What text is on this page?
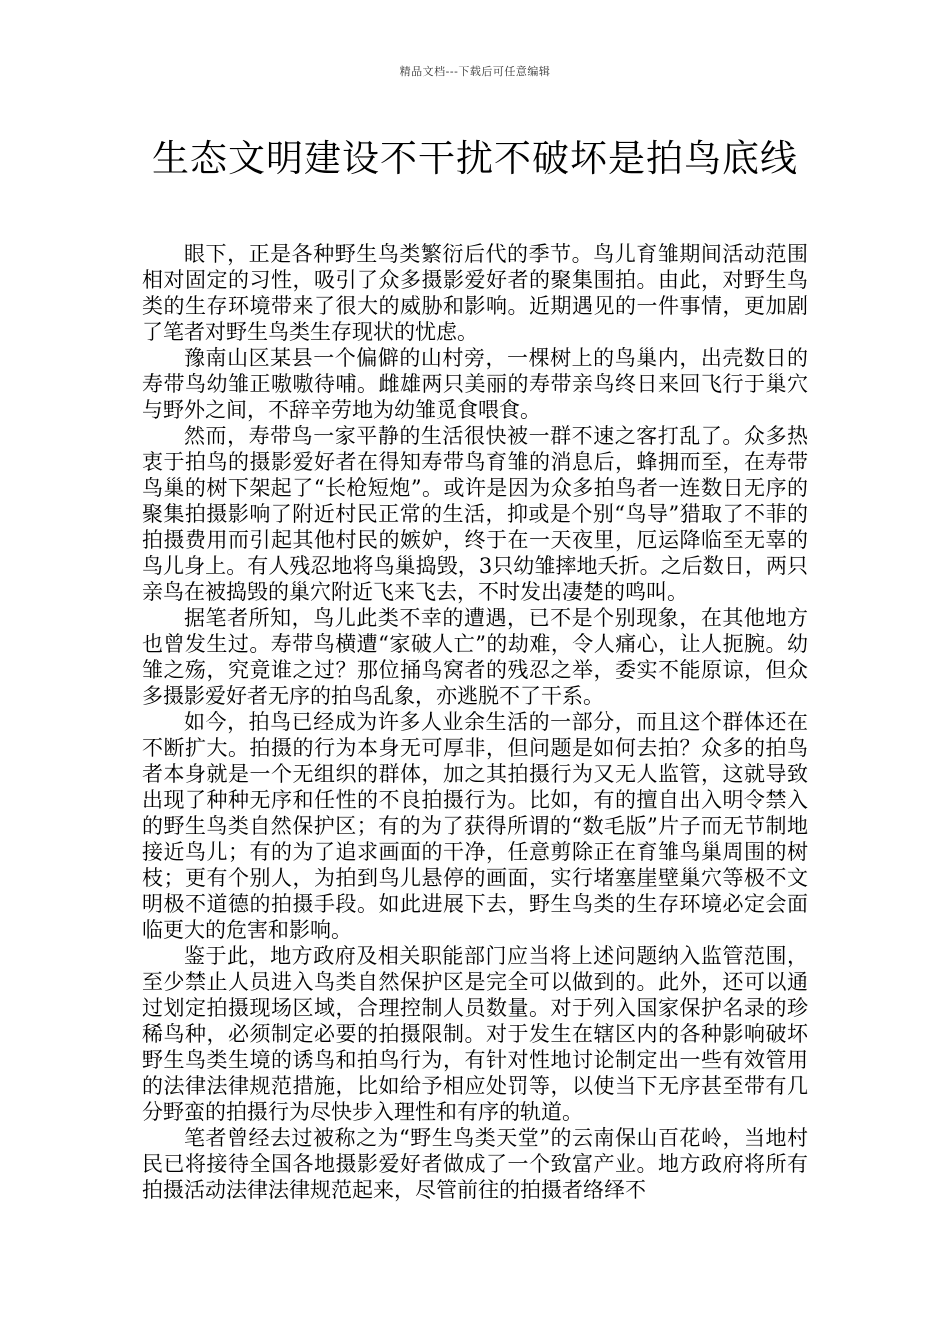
精品文档---下载后可任意编辑
生态文明建设不干扰不破坏是拍鸟底线

眼下，正是各种野生鸟类繁衍后代的季节。鸟儿育雏期间活动范围相对固定的习性，吸引了众多摄影爱好者的聚集围拍。由此，对野生鸟类的生存环境带来了很大的威胁和影响。近期遇见的一件事情，更加剧了笔者对野生鸟类生存现状的忧虑。

豫南山区某县一个偏僻的山村旁，一棵树上的鸟巢内，出壳数日的寿带鸟幼雏正嗷嗷待哺。雌雄两只美丽的寿带亲鸟终日来回飞行于巢穴与野外之间，不辞辛劳地为幼雏觅食喂食。

然而，寿带鸟一家平静的生活很快被一群不速之客打乱了。众多热衷于拍鸟的摄影爱好者在得知寿带鸟育雏的消息后，蜂拥而至，在寿带鸟巢的树下架起了“长枪短炮”。或许是因为众多拍鸟者一连数日无序的聚集拍摄影响了附近村民正常的生活，抑或是个别“鸟导”猎取了不菲的拍摄费用而引起其他村民的嫉妒，终于在一天夜里，厄运降临至无辜的鸟儿身上。有人残忍地将鸟巢捣毁，3只幼雏摔地夭折。之后数日，两只亲鸟在被捣毁的巢穴附近飞来飞去，不时发出凄楚的鸣叫。

据笔者所知，鸟儿此类不幸的遭遇，已不是个别现象，在其他地方也曾发生过。寿带鸟横遭“家破人亡”的劫难，令人痛心，让人扼腕。幼雏之殇，究竟谁之过？那位捅鸟窝者的残忍之举，委实不能原谅，但众多摄影爱好者无序的拍鸟乱象，亦逃脱不了干系。

如今，拍鸟已经成为许多人业余生活的一部分，而且这个群体还在不断扩大。拍摄的行为本身无可厚非，但问题是如何去拍？众多的拍鸟者本身就是一个无组织的群体，加之其拍摄行为又无人监管，这就导致出现了种种无序和任性的不良拍摄行为。比如，有的擅自出入明令禁入的野生鸟类自然保护区；有的为了获得所谓的“数毛版”片子而无节制地接近鸟儿；有的为了追求画面的干净，任意剪除正在育雏鸟巢周围的树枝；更有个别人，为拍到鸟儿悬停的画面，实行堵塞崖壁巢穴等极不文明极不道德的拍摄手段。如此进展下去，野生鸟类的生存环境必定会面临更大的危害和影响。

鉴于此，地方政府及相关职能部门应当将上述问题纳入监管范围，至少禁止人员进入鸟类自然保护区是完全可以做到的。此外，还可以通过划定拍摄现场区域，合理控制人员数量。对于列入国家保护名录的珍稀鸟种，必须制定必要的拍摄限制。对于发生在辖区内的各种影响破坏野生鸟类生境的诱鸟和拍鸟行为，有针对性地讨论制定出一些有效管用的法律法律规范措施，比如给予相应处罚等，以使当下无序甚至带有几分野蛮的拍摄行为尽快步入理性和有序的轨道。

笔者曾经去过被称之为“野生鸟类天堂”的云南保山百花岭，当地村民已将接待全国各地摄影爱好者做成了一个致富产业。地方政府将所有拍摄活动法律法律规范起来，尽管前往的拍摄者络绎不
